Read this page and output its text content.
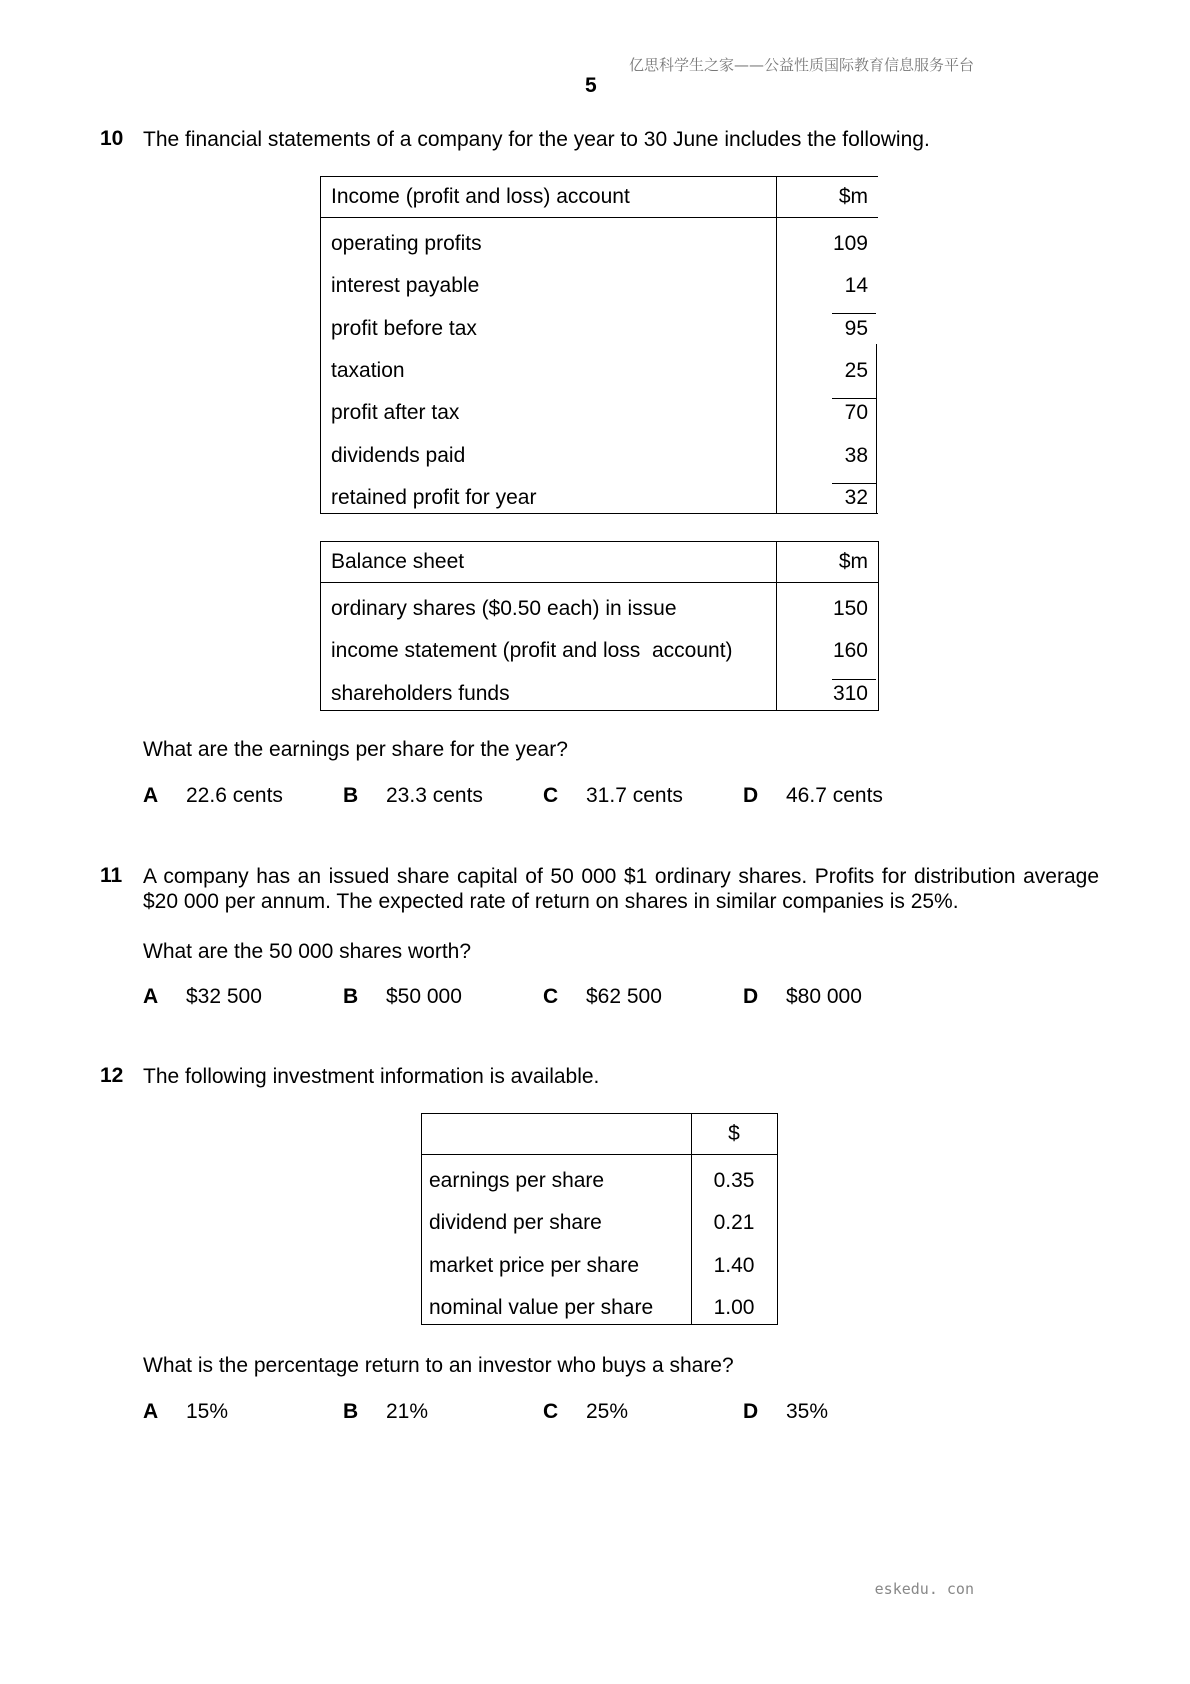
亿思科学生之家——公益性质国际教育信息服务平台
5
eskedu. con
10 The financial statements of a company for the year to 30 June includes the following.
Income (profit and loss) account	$m
operating profits	109
interest payable	14
profit before tax	95
taxation	25
profit after tax	70
dividends paid	38
retained profit for year	32
Balance sheet	$m
ordinary shares ($0.50 each) in issue	150
income statement (profit and loss  account)	160
shareholders funds	310
What are the earnings per share for the year?
A 22.6 cents	B 23.3 cents	C 31.7 cents	D 46.7 cents
11 A company has an issued share capital of 50 000 $1 ordinary shares. Profits for distribution average $20 000 per annum. The expected rate of return on shares in similar companies is 25%.
What are the 50 000 shares worth?
A $32 500	B $50 000	C $62 500	D $80 000
12 The following investment information is available.
$
earnings per share	0.35
dividend per share	0.21
market price per share	1.40
nominal value per share	1.00
What is the percentage return to an investor who buys a share?
A 15%	B 21%	C 25%	D 35%
